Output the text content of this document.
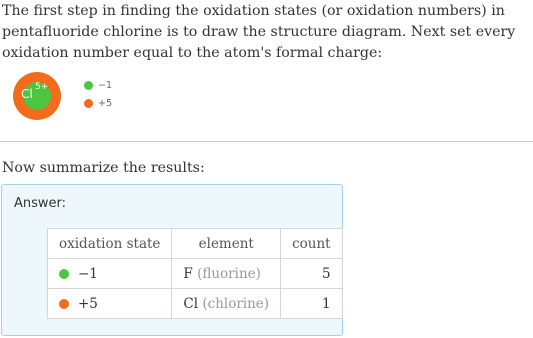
The first step in finding the oxidation states (or oxidation numbers) in pentafluoride chlorine is to draw the structure diagram. Next set every oxidation number equal to the atom's formal charge:
Cl 5+	−1
+5
Now summarize the results:
Answer:
oxidation state	element	count
−1	F (fluorine)	5
+5	Cl (chlorine)	1
